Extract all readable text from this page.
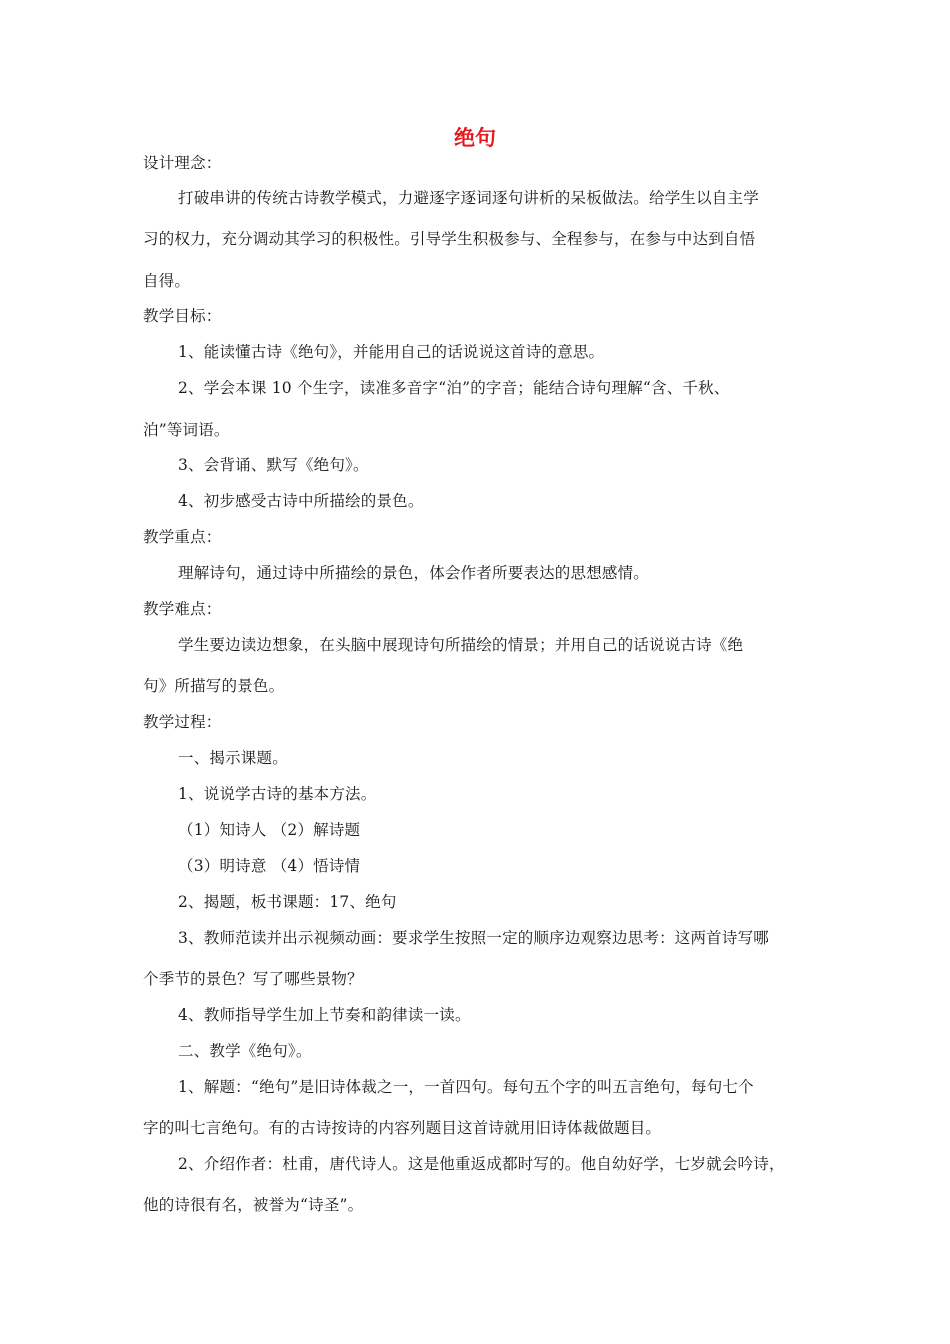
绝句
设计理念：
打破串讲的传统古诗教学模式，力避逐字逐词逐句讲析的呆板做法。给学生以自主学
习的权力，充分调动其学习的积极性。引导学生积极参与、全程参与，在参与中达到自悟
自得。
教学目标：
1、能读懂古诗《绝句》，并能用自己的话说说这首诗的意思。
2、学会本课 10 个生字，读准多音字“泊”的字音；能结合诗句理解“含、千秋、
泊”等词语。
3、会背诵、默写《绝句》。
4、初步感受古诗中所描绘的景色。
教学重点：
理解诗句，通过诗中所描绘的景色，体会作者所要表达的思想感情。
教学难点：
学生要边读边想象，在头脑中展现诗句所描绘的情景；并用自己的话说说古诗《绝
句》所描写的景色。
教学过程：
一、揭示课题。
1、说说学古诗的基本方法。
（1）知诗人 （2）解诗题
（3）明诗意 （4）悟诗情
2、揭题，板书课题：17、绝句
3、教师范读并出示视频动画：要求学生按照一定的顺序边观察边思考：这两首诗写哪
个季节的景色？写了哪些景物？
4、教师指导学生加上节奏和韵律读一读。
二、教学《绝句》。
1、解题：“绝句”是旧诗体裁之一，一首四句。每句五个字的叫五言绝句，每句七个
字的叫七言绝句。有的古诗按诗的内容列题目这首诗就用旧诗体裁做题目。
2、介绍作者：杜甫，唐代诗人。这是他重返成都时写的。他自幼好学，七岁就会吟诗，
他的诗很有名，被誉为“诗圣”。
